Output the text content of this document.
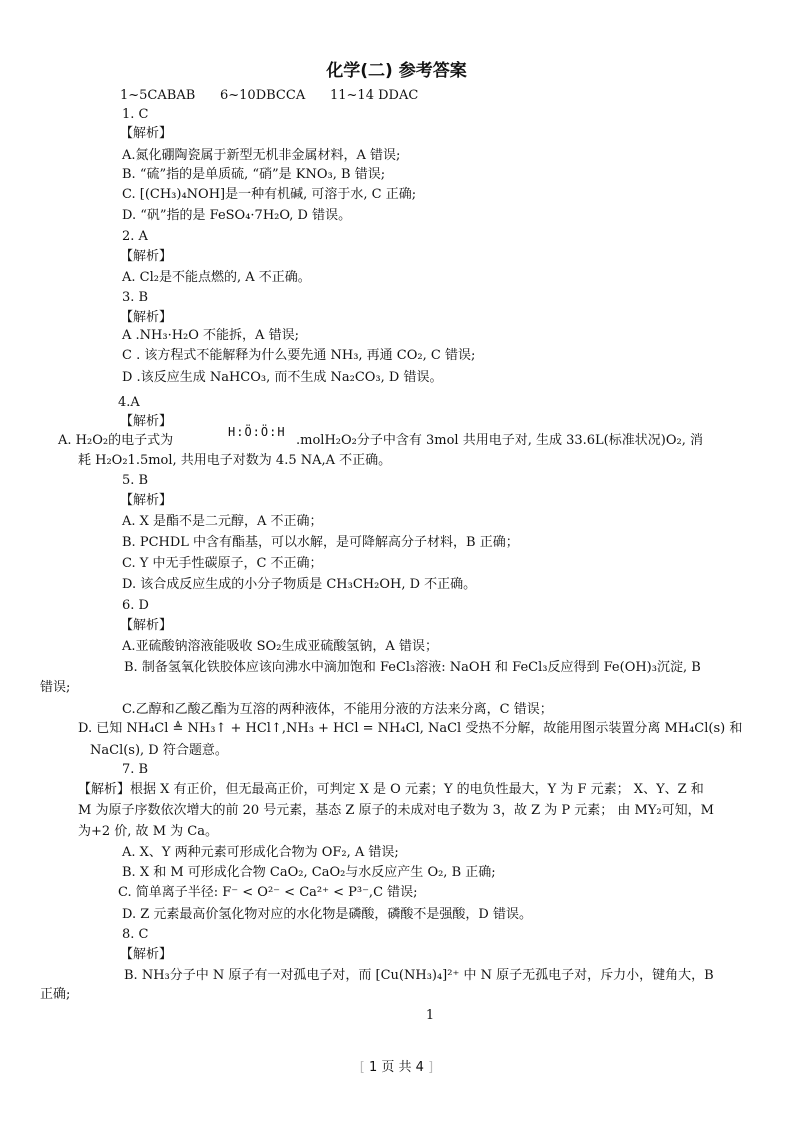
化学(二) 参考答案
1~5CABAB 6~10DBCCA 11~14 DDAC
1. C
【解析】
A.氮化硼陶瓷属于新型无机非金属材料，A 错误;
B. “硫”指的是单质硫, “硝”是 KNO₃, B 错误;
C. [(CH₃)₄NOH]是一种有机碱, 可溶于水, C 正确;
D. “矾”指的是 FeSO₄·7H₂O, D 错误。
2. A
【解析】
A. Cl₂是不能点燃的, A 不正确。
3. B
【解析】
A .NH₃·H₂O 不能拆，A 错误;
C . 该方程式不能解释为什么要先通 NH₃, 再通 CO₂, C 错误;
D .该反应生成 NaHCO₃, 而不生成 Na₂CO₃, D 错误。
4.A
【解析】
A. H₂O₂的电子式为
H:Ö:Ö:H
.molH₂O₂分子中含有 3mol 共用电子对, 生成 33.6L(标准状况)O₂, 消
耗 H₂O₂1.5mol, 共用电子对数为 4.5 NA,A 不正确。
5. B
【解析】
A. X 是酯不是二元醇，A 不正确；
B. PCHDL 中含有酯基，可以水解，是可降解高分子材料，B 正确；
C. Y 中无手性碳原子，C 不正确；
D. 该合成反应生成的小分子物质是 CH₃CH₂OH, D 不正确。
6. D
【解析】
A.亚硫酸钠溶液能吸收 SO₂生成亚硫酸氢钠，A 错误；
B. 制备氢氧化铁胶体应该向沸水中滴加饱和 FeCl₃溶液: NaOH 和 FeCl₃反应得到 Fe(OH)₃沉淀, B
错误;
C.乙醇和乙酸乙酯为互溶的两种液体，不能用分液的方法来分离，C 错误；
D. 已知 NH₄Cl ≜ NH₃↑ + HCl↑,NH₃ + HCl = NH₄Cl, NaCl 受热不分解，故能用图示装置分离 MH₄Cl(s) 和
NaCl(s), D 符合题意。
7. B
【解析】根据 X 有正价，但无最高正价，可判定 X 是 O 元素；Y 的电负性最大，Y 为 F 元素； X、Y、Z 和
M 为原子序数依次增大的前 20 号元素，基态 Z 原子的未成对电子数为 3，故 Z 为 P 元素； 由 MY₂可知，M
为+2 价, 故 M 为 Ca。
A. X、Y 两种元素可形成化合物为 OF₂, A 错误;
B. X 和 M 可形成化合物 CaO₂, CaO₂与水反应产生 O₂, B 正确;
C. 简单离子半径: F⁻ < O²⁻ < Ca²⁺ < P³⁻,C 错误;
D. Z 元素最高价氢化物对应的水化物是磷酸，磷酸不是强酸，D 错误。
8. C
【解析】
B. NH₃分子中 N 原子有一对孤电子对，而 [Cu(NH₃)₄]²⁺ 中 N 原子无孤电子对，斥力小，键角大，B
正确;
1
[ 1 页 共 4 ]
